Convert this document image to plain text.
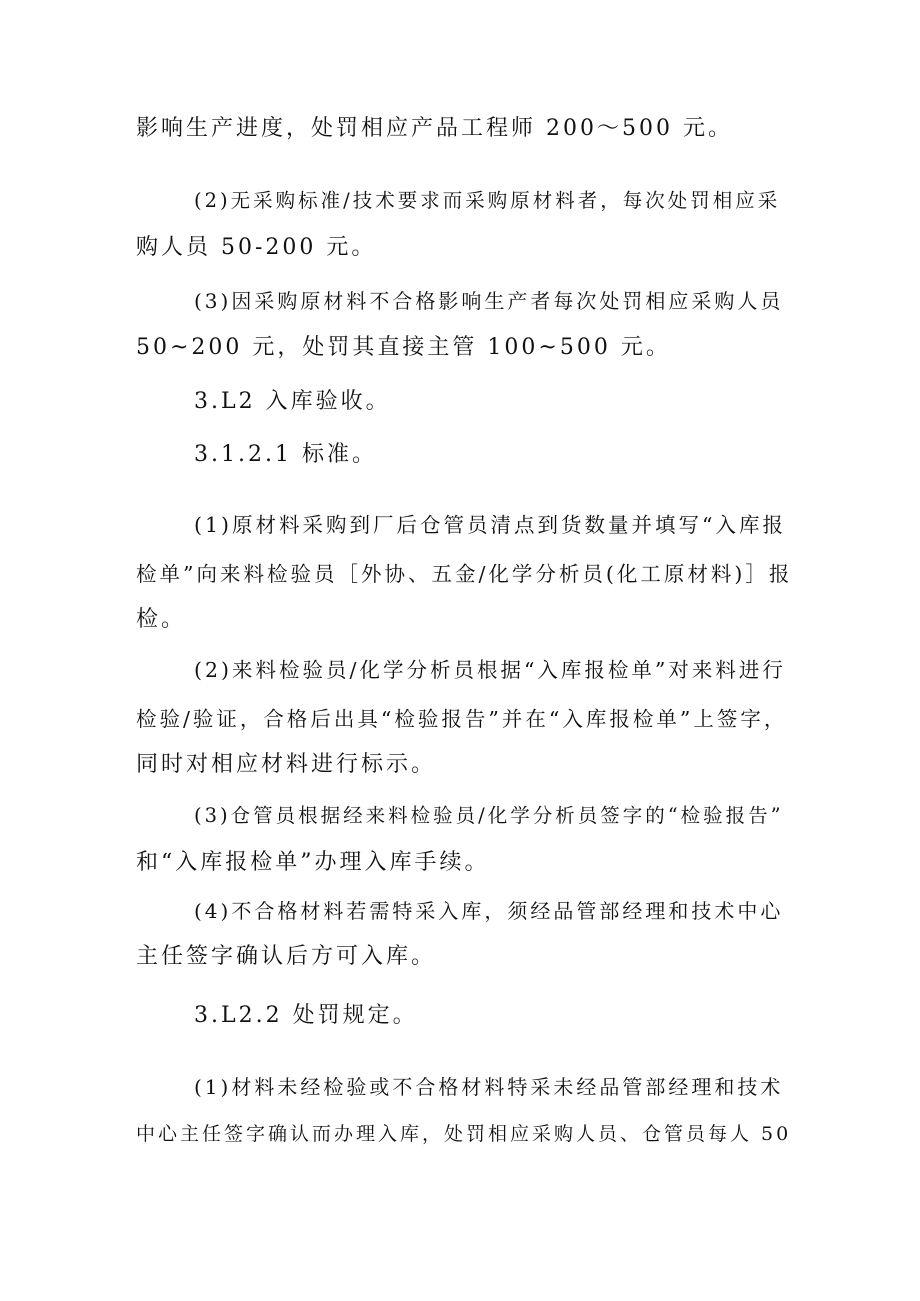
影响生产进度，处罚相应产品工程师 200～500 元。
(2)无采购标准/技术要求而采购原材料者，每次处罚相应采
购人员 50-200 元。
(3)因采购原材料不合格影响生产者每次处罚相应采购人员
50~200 元，处罚其直接主管 100~500 元。
3.L2 入库验收。
3.1.2.1 标准。
(1)原材料采购到厂后仓管员清点到货数量并填写“入库报
检单”向来料检验员［外协、五金/化学分析员(化工原材料)］报
检。
(2)来料检验员/化学分析员根据“入库报检单”对来料进行
检验/验证，合格后出具“检验报告”并在“入库报检单”上签字，
同时对相应材料进行标示。
(3)仓管员根据经来料检验员/化学分析员签字的“检验报告”
和“入库报检单”办理入库手续。
(4)不合格材料若需特采入库，须经品管部经理和技术中心
主任签字确认后方可入库。
3.L2.2 处罚规定。
(1)材料未经检验或不合格材料特采未经品管部经理和技术
中心主任签字确认而办理入库，处罚相应采购人员、仓管员每人 50
